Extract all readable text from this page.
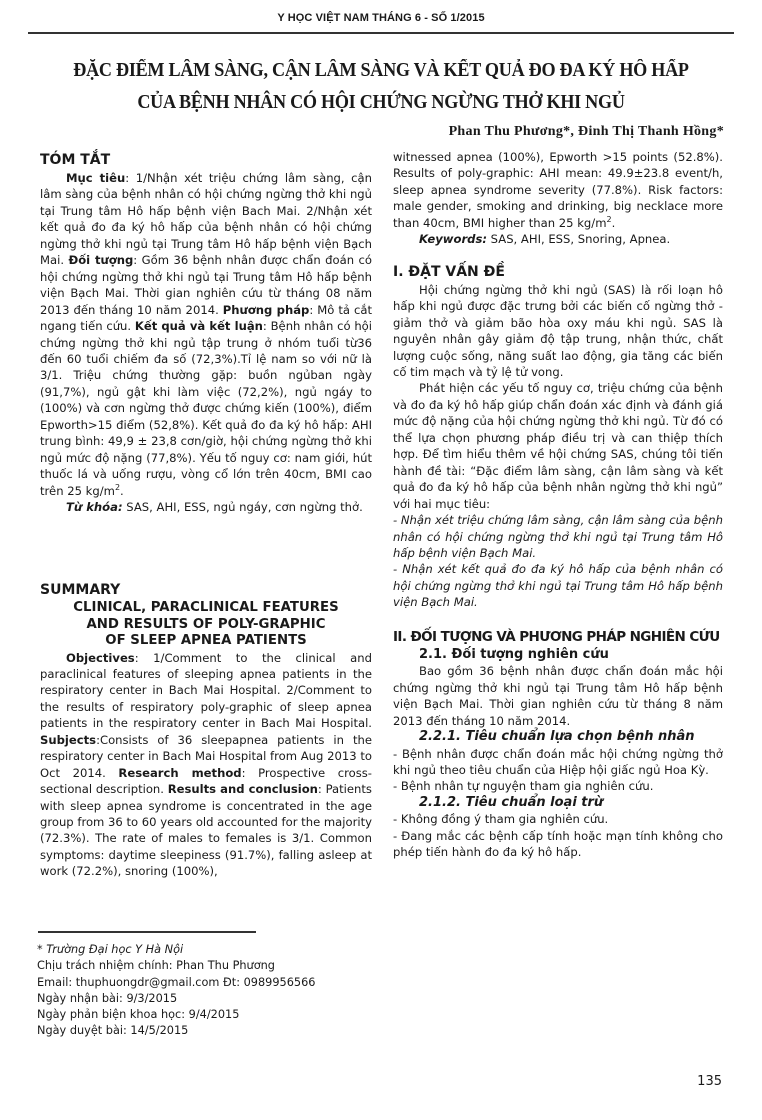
Y HỌC VIỆT NAM THÁNG 6 - SỐ 1/2015
ĐẶC ĐIỂM LÂM SÀNG, CẬN LÂM SÀNG VÀ KẾT QUẢ ĐO ĐA KÝ HÔ HẤP
CỦA BỆNH NHÂN CÓ HỘI CHỨNG NGỪNG THỞ KHI NGỦ
Phan Thu Phương*, Đinh Thị Thanh Hồng*
TÓM TẮT

Mục tiêu: 1/Nhận xét triệu chứng lâm sàng, cận lâm sàng của bệnh nhân có hội chứng ngừng thở khi ngủ tại Trung tâm Hô hấp bệnh viện Bach Mai. 2/Nhận xét kết quả đo đa ký hô hấp của bệnh nhân có hội chứng ngừng thở khi ngủ tại Trung tâm Hô hấp bệnh viện Bạch Mai. Đối tượng: Gồm 36 bệnh nhân được chẩn đoán có hội chứng ngừng thở khi ngủ tại Trung tâm Hô hấp bệnh viện Bạch Mai. Thời gian nghiên cứu từ tháng 08 năm 2013 đến tháng 10 năm 2014. Phương pháp: Mô tả cắt ngang tiến cứu. Kết quả và kết luận: Bệnh nhân có hội chứng ngừng thở khi ngủ tập trung ở nhóm tuổi từ36 đến 60 tuổi chiếm đa số (72,3%).Tỉ lệ nam so với nữ là 3/1. Triệu chứng thường gặp: buồn ngủban ngày (91,7%), ngủ gật khi làm việc (72,2%), ngủ ngáy to (100%) và cơn ngừng thở được chứng kiến (100%), điểm Epworth>15 điểm (52,8%). Kết quả đo đa ký hô hấp: AHI trung bình: 49,9 ± 23,8 cơn/giờ, hội chứng ngừng thở khi ngủ mức độ nặng (77,8%). Yếu tố nguy cơ: nam giới, hút thuốc lá và uống rượu, vòng cổ lớn trên 40cm, BMI cao trên 25 $kg/m^2$.

Từ khóa: SAS, AHI, ESS, ngủ ngáy, cơn ngừng thở.

SUMMARY
CLINICAL, PARACLINICAL FEATURES
AND RESULTS OF POLY-GRAPHIC
OF SLEEP APNEA PATIENTS

Objectives: 1/Comment to the clinical and paraclinical features of sleeping apnea patients in the respiratory center in Bach Mai Hospital. 2/Comment to the results of respiratory poly-graphic of sleep apnea patients in the respiratory center in Bach Mai Hospital. Subjects:Consists of 36 sleepapnea patients in the respiratory center in Bach Mai Hospital from Aug 2013 to Oct 2014. Research method: Prospective cross-sectional description. Results and conclusion: Patients with sleep apnea syndrome is concentrated in the age group from 36 to 60 years old accounted for the majority (72.3%). The rate of males to females is 3/1. Common symptoms: daytime sleepiness (91.7%), falling asleep at work (72.2%), snoring (100%),

* Trường Đại học Y Hà Nội
Chịu trách nhiệm chính: Phan Thu Phương
Email: thuphuongdr@gmail.com Đt: 0989956566
Ngày nhận bài: 9/3/2015
Ngày phản biện khoa học: 9/4/2015
Ngày duyệt bài: 14/5/2015

witnessed apnea (100%), Epworth >15 points (52.8%). Results of poly-graphic: AHI mean: 49.9±23.8 event/h, sleep apnea syndrome severity (77.8%). Risk factors: male gender, smoking and drinking, big necklace more than 40cm, BMI higher than 25 $kg/m^2$.

Keywords: SAS, AHI, ESS, Snoring, Apnea.

I. ĐẶT VẤN ĐỀ

Hội chứng ngừng thở khi ngủ (SAS) là rối loạn hô hấp khi ngủ được đặc trưng bởi các biến cố ngừng thở - giảm thở và giảm bão hòa oxy máu khi ngủ. SAS là nguyên nhân gây giảm độ tập trung, nhận thức, chất lượng cuộc sống, năng suất lao động, gia tăng các biến cố tim mạch và tỷ lệ tử vong.

Phát hiện các yếu tố nguy cơ, triệu chứng của bệnh và đo đa ký hô hấp giúp chẩn đoán xác định và đánh giá mức độ nặng của hội chứng ngừng thở khi ngủ. Từ đó có thể lựa chọn phương pháp điều trị và can thiệp thích hợp. Để tìm hiểu thêm về hội chứng SAS, chúng tôi tiến hành đề tài: “Đặc điểm lâm sàng, cận lâm sàng và kết quả đo đa ký hô hấp của bệnh nhân ngừng thở khi ngủ” với hai mục tiêu:

- Nhận xét triệu chứng lâm sàng, cận lâm sàng của bệnh nhân có hội chứng ngừng thở khi ngủ tại Trung tâm Hô hấp bệnh viện Bạch Mai.

- Nhận xét kết quả đo đa ký hô hấp của bệnh nhân có hội chứng ngừng thở khi ngủ tại Trung tâm Hô hấp bệnh viện Bạch Mai.

II. ĐỐI TƯỢNG VÀ PHƯƠNG PHÁP NGHIÊN CỨU

2.1. Đối tượng nghiên cứu

Bao gồm 36 bệnh nhân được chẩn đoán mắc hội chứng ngừng thở khi ngủ tại Trung tâm Hô hấp bệnh viện Bạch Mai. Thời gian nghiên cứu từ tháng 8 năm 2013 đến tháng 10 năm 2014.

2.2.1. Tiêu chuẩn lựa chọn bệnh nhân

- Bệnh nhân được chẩn đoán mắc hội chứng ngừng thở khi ngủ theo tiêu chuẩn của Hiệp hội giấc ngủ Hoa Kỳ.

- Bệnh nhân tự nguyện tham gia nghiên cứu.

2.1.2. Tiêu chuẩn loại trừ

- Không đồng ý tham gia nghiên cứu.

- Đang mắc các bệnh cấp tính hoặc mạn tính không cho phép tiến hành đo đa ký hô hấp.

135
